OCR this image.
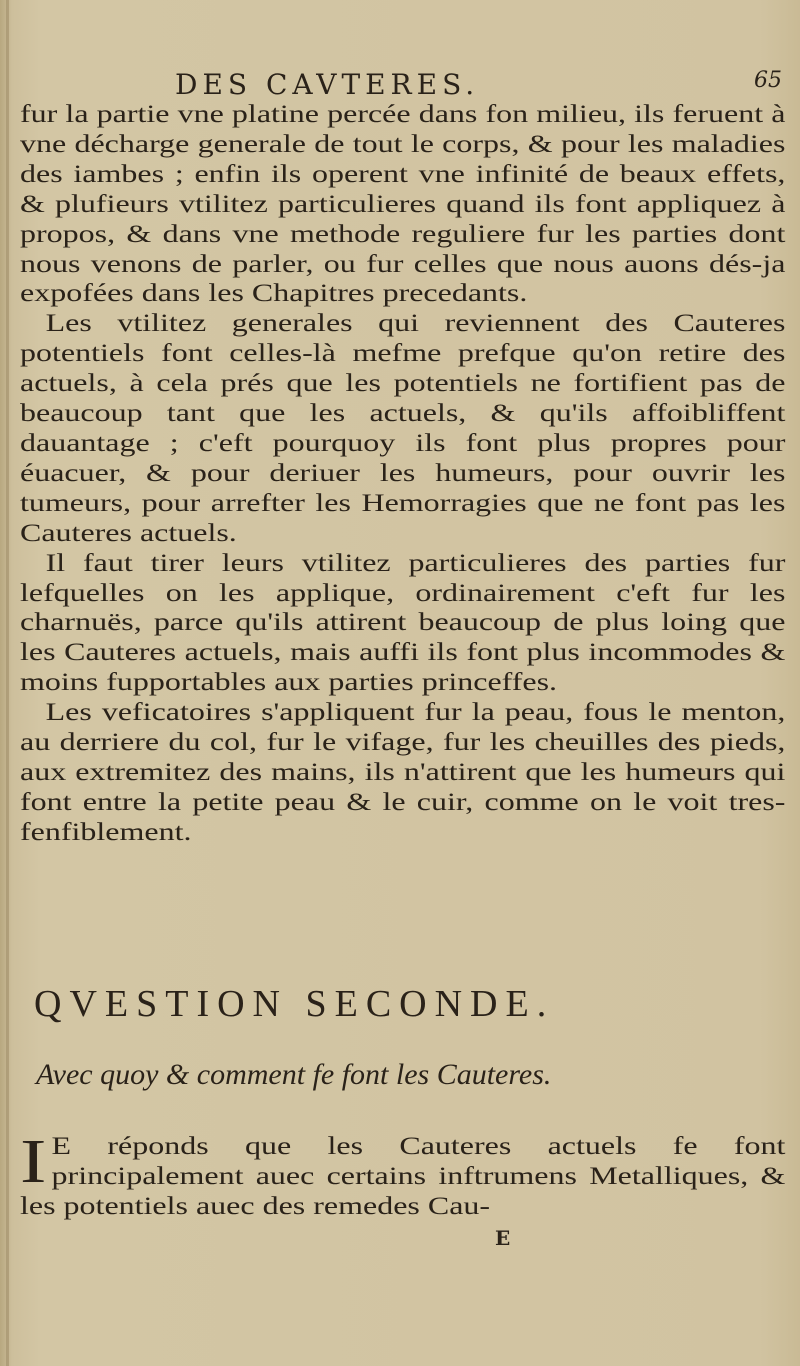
DES CAVTERES.	65

fur la partie vne platine percée dans fon milieu, ils feruent à vne décharge generale de tout le corps, & pour les maladies des iambes ; enfin ils operent vne infinité de beaux effets, & plufieurs vtilitez particulieres quand ils font appliquez à propos, & dans vne methode reguliere fur les parties dont nous venons de parler, ou fur celles que nous auons dés-ja expofées dans les Chapitres precedants.

Les vtilitez generales qui reviennent des Cauteres potentiels font celles-là mefme prefque qu'on retire des actuels, à cela prés que les potentiels ne fortifient pas de beaucoup tant que les actuels, & qu'ils affoibliffent dauantage ; c'eft pourquoy ils font plus propres pour éuacuer, & pour deriuer les humeurs, pour ouvrir les tumeurs, pour arrefter les Hemorragies que ne font pas les Cauteres actuels.

Il faut tirer leurs vtilitez particulieres des parties fur lefquelles on les applique, ordinairement c'eft fur les charnuës, parce qu'ils attirent beaucoup de plus loing que les Cauteres actuels, mais auffi ils font plus incommodes & moins fupportables aux parties princeffes.

Les veficatoires s'appliquent fur la peau, fous le menton, au derriere du col, fur le vifage, fur les cheuilles des pieds, aux extremitez des mains, ils n'attirent que les humeurs qui font entre la petite peau & le cuir, comme on le voit tres-fenfiblement.

QVESTION SECONDE.
Avec quoy & comment fe font les Cauteres.
I E réponds que les Cauteres actuels fe font principalement auec certains inftrumens Metalliques, & les potentiels auec des remedes Cau-
E
